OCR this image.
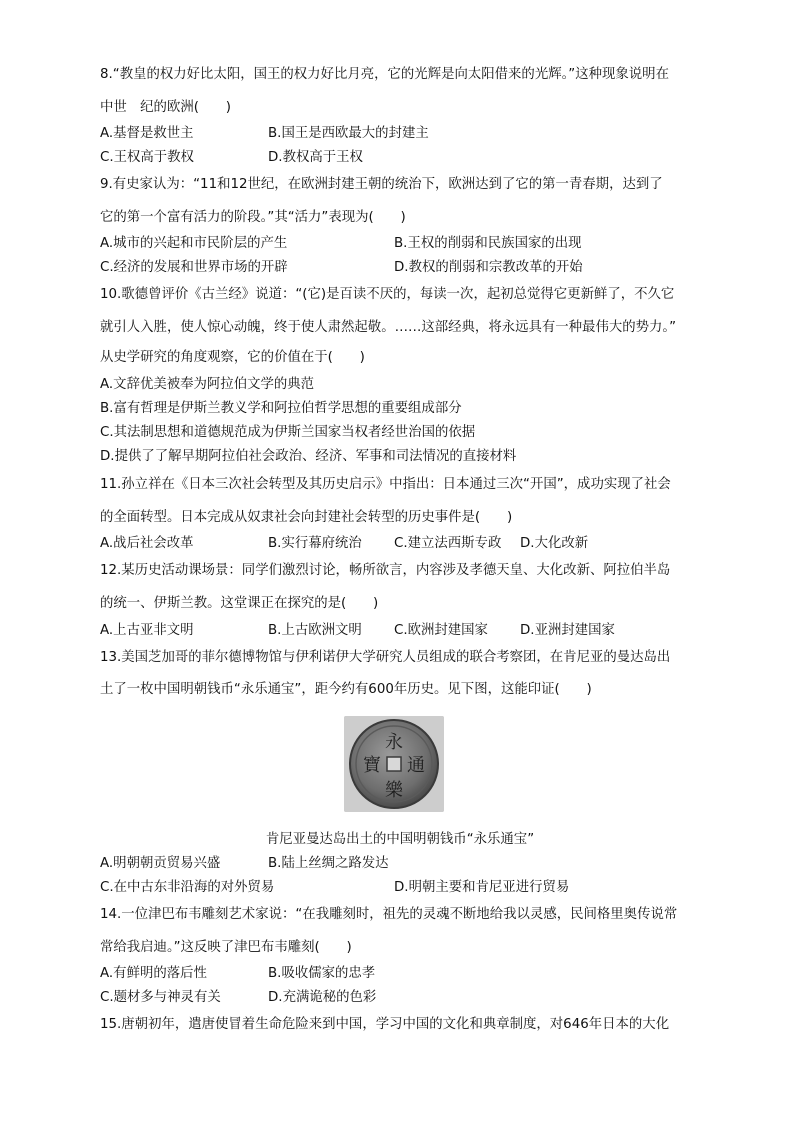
8.“教皇的权力好比太阳，国王的权力好比月亮，它的光辉是向太阳借来的光辉。”这种现象说明在
中世　纪的欧洲(　　)
A.基督是救世主	B.国王是西欧最大的封建主
C.王权高于教权	D.教权高于王权
9.有史家认为：“11和12世纪，在欧洲封建王朝的统治下，欧洲达到了它的第一青春期，达到了
它的第一个富有活力的阶段。”其“活力”表现为(　　)
A.城市的兴起和市民阶层的产生	B.王权的削弱和民族国家的出现
C.经济的发展和世界市场的开辟	D.教权的削弱和宗教改革的开始
10.歌德曾评价《古兰经》说道：“(它)是百读不厌的，每读一次，起初总觉得它更新鲜了，不久它
就引人入胜，使人惊心动魄，终于使人肃然起敬。……这部经典，将永远具有一种最伟大的势力。”
从史学研究的角度观察，它的价值在于(　　)
A.文辞优美被奉为阿拉伯文学的典范
B.富有哲理是伊斯兰教义学和阿拉伯哲学思想的重要组成部分
C.其法制思想和道德规范成为伊斯兰国家当权者经世治国的依据
D.提供了了解早期阿拉伯社会政治、经济、军事和司法情况的直接材料
11.孙立祥在《日本三次社会转型及其历史启示》中指出：日本通过三次“开国”，成功实现了社会
的全面转型。日本完成从奴隶社会向封建社会转型的历史事件是(　　)
A.战后社会改革	B.实行幕府统治 C.建立法西斯专政 D.大化改新
12.某历史活动课场景：同学们激烈讨论，畅所欲言，内容涉及孝德天皇、大化改新、阿拉伯半岛
的统一、伊斯兰教。这堂课正在探究的是(　　)
A.上古亚非文明	B.上古欧洲文明 C.欧洲封建国家 D.亚洲封建国家
13.美国芝加哥的菲尔德博物馆与伊利诺伊大学研究人员组成的联合考察团，在肯尼亚的曼达岛出
土了一枚中国明朝钱币“永乐通宝”，距今约有600年历史。见下图，这能印证(　　)
肯尼亚曼达岛出土的中国明朝钱币“永乐通宝”
A.明朝朝贡贸易兴盛	B.陆上丝绸之路发达
C.在中古东非沿海的对外贸易	D.明朝主要和肯尼亚进行贸易
14.一位津巴布韦雕刻艺术家说：“在我雕刻时，祖先的灵魂不断地给我以灵感，民间格里奥传说常
常给我启迪。”这反映了津巴布韦雕刻(　　)
A.有鲜明的落后性	B.吸收儒家的忠孝
C.题材多与神灵有关	D.充满诡秘的色彩
15.唐朝初年，遣唐使冒着生命危险来到中国，学习中国的文化和典章制度，对646年日本的大化
永
樂
通
寶
